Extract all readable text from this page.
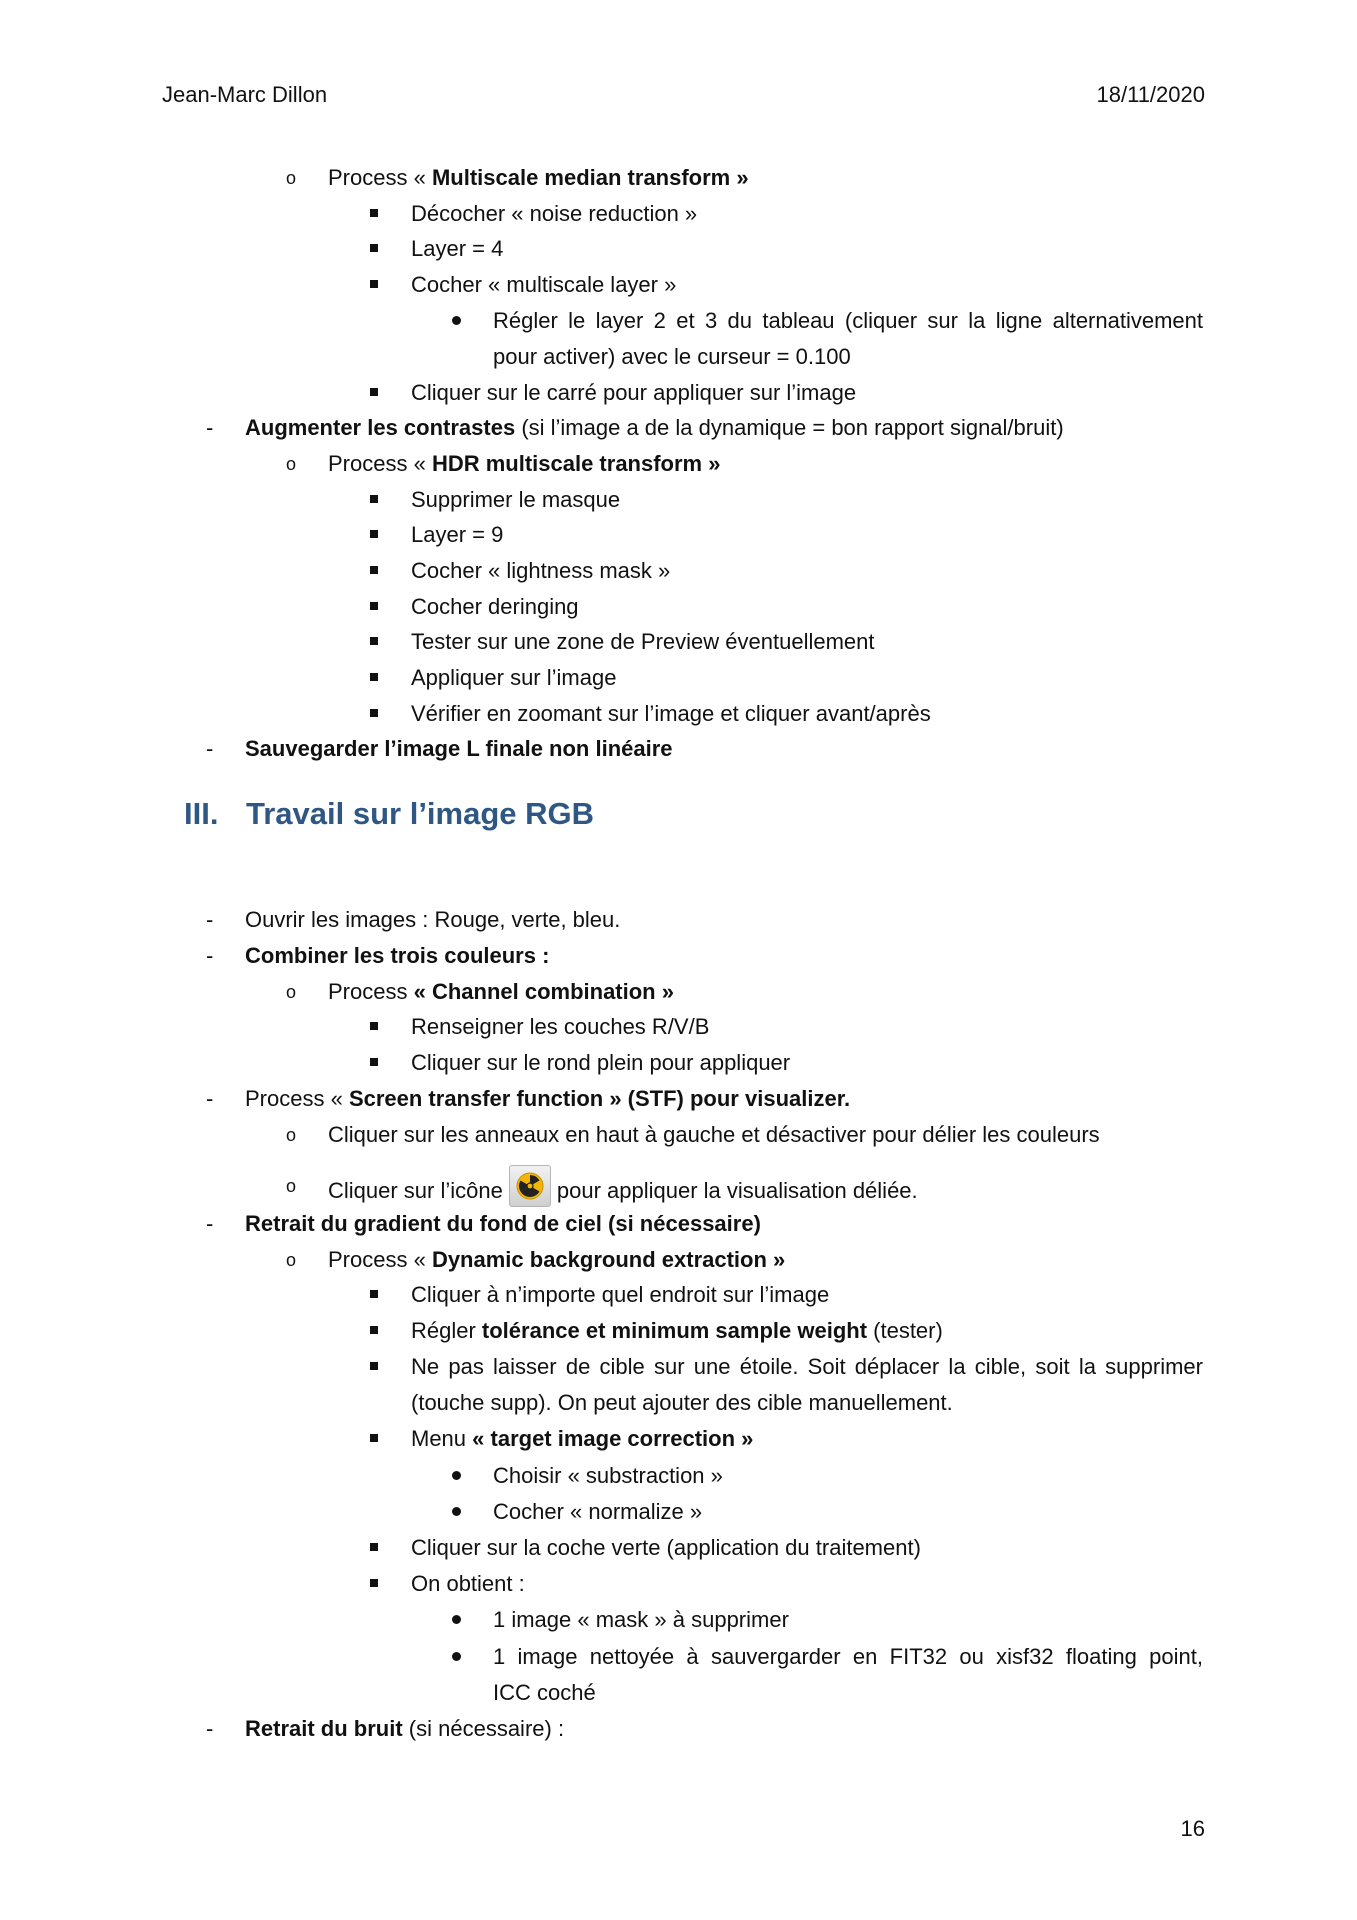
Jean-Marc Dillon	18/11/2020
o Process « Multiscale median transform »
Décocher « noise reduction »
Layer = 4
Cocher « multiscale layer »
Régler le layer 2 et 3 du tableau (cliquer sur la ligne alternativement
pour activer) avec le curseur = 0.100
Cliquer sur le carré pour appliquer sur l’image
- Augmenter les contrastes (si l’image a de la dynamique = bon rapport signal/bruit)
o Process « HDR multiscale transform »
Supprimer le masque
Layer = 9
Cocher « lightness mask »
Cocher deringing
Tester sur une zone de Preview éventuellement
Appliquer sur l’image
Vérifier en zoomant sur l’image et cliquer avant/après
- Sauvegarder l’image L finale non linéaire
III. Travail sur l’image RGB
- Ouvrir les images : Rouge, verte, bleu.
- Combiner les trois couleurs :
o Process « Channel combination »
Renseigner les couches R/V/B
Cliquer sur le rond plein pour appliquer
- Process « Screen transfer function » (STF) pour visualizer.
o Cliquer sur les anneaux en haut à gauche et désactiver pour délier les couleurs
o Cliquer sur l’icône pour appliquer la visualisation déliée.
- Retrait du gradient du fond de ciel (si nécessaire)
o Process « Dynamic background extraction »
Cliquer à n’importe quel endroit sur l’image
Régler tolérance et minimum sample weight (tester)
Ne pas laisser de cible sur une étoile. Soit déplacer la cible, soit la supprimer
(touche supp). On peut ajouter des cible manuellement.
Menu « target image correction »
Choisir « substraction »
Cocher « normalize »
Cliquer sur la coche verte (application du traitement)
On obtient :
1 image « mask » à supprimer
1 image nettoyée à sauvergarder en FIT32 ou xisf32 floating point,
ICC coché
- Retrait du bruit (si nécessaire) :
16
